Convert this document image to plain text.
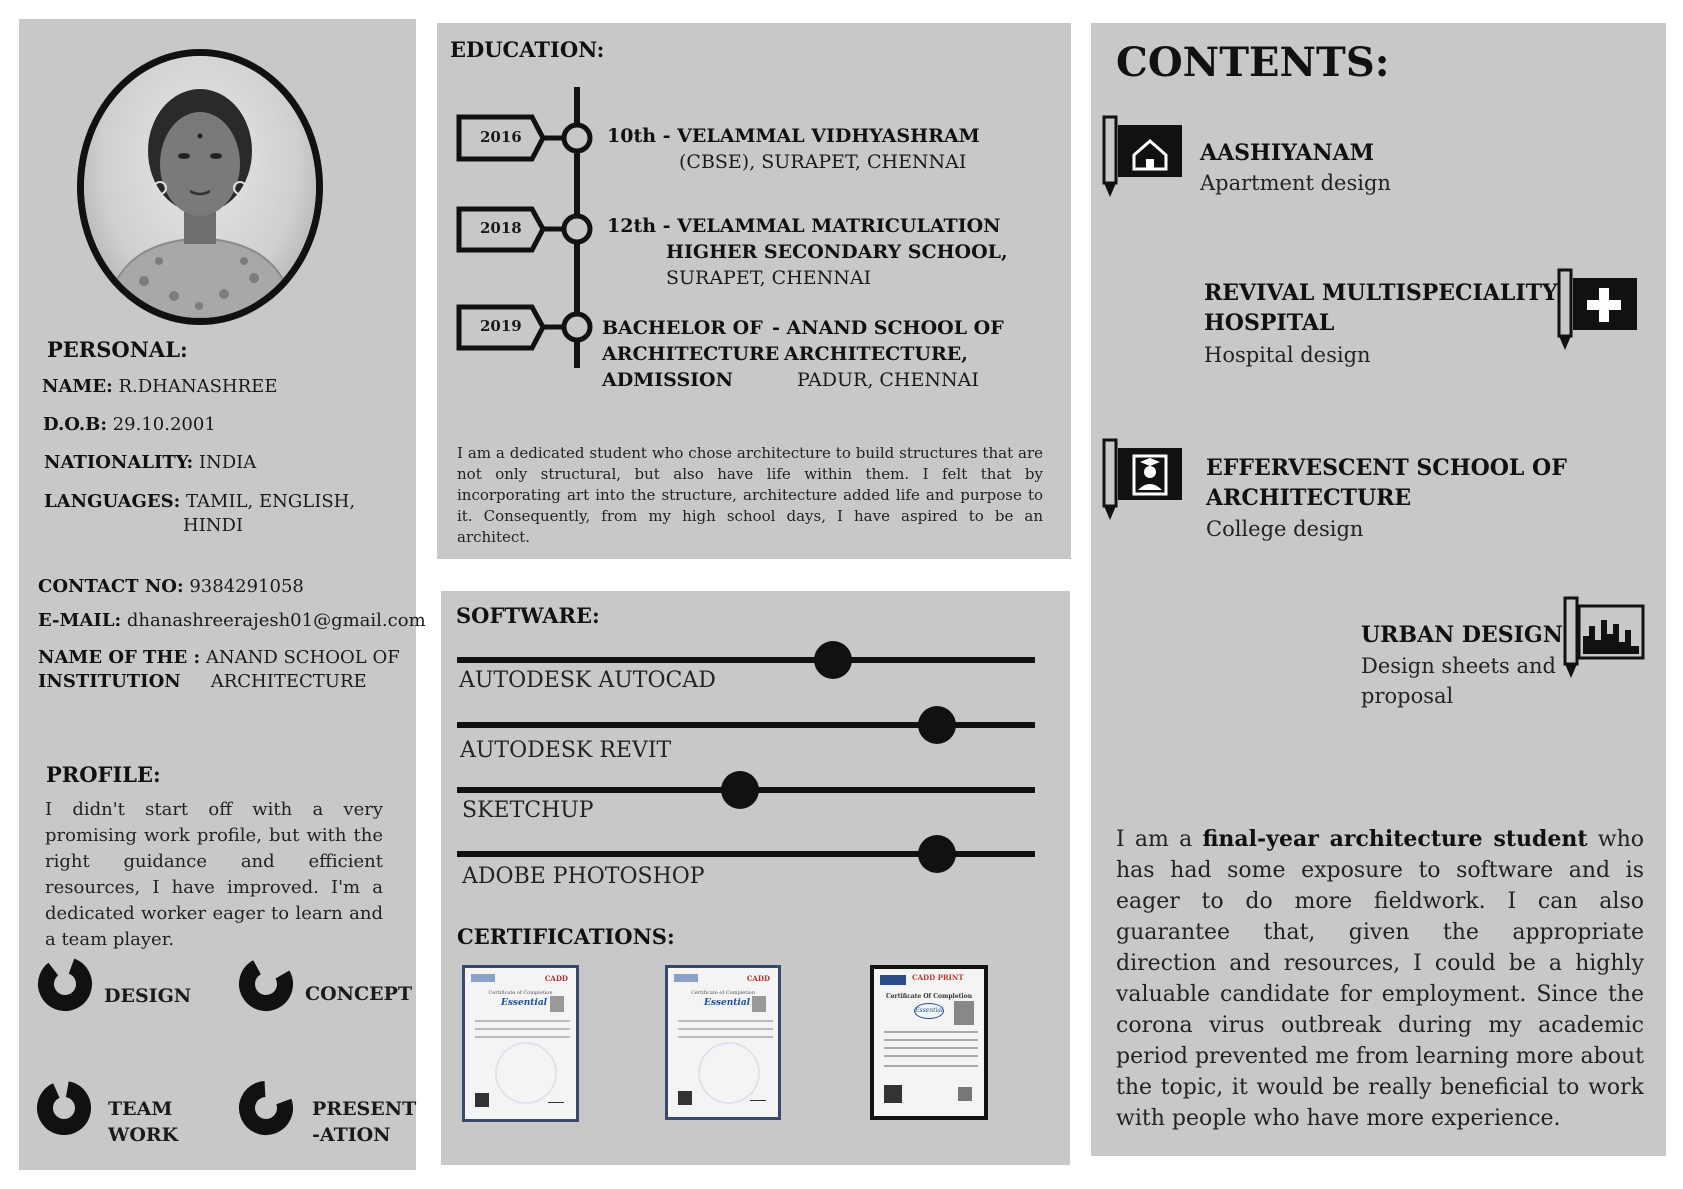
PERSONAL:
NAME: R.DHANASHREE
D.O.B: 29.10.2001
NATIONALITY: INDIA
LANGUAGES: TAMIL, ENGLISH,
HINDI
CONTACT NO: 9384291058
E-MAIL: dhanashreerajesh01@gmail.com
NAME OF THE : ANAND SCHOOL OF
INSTITUTION ARCHITECTURE
PROFILE:
I didn't start off with a very promising work profile, but with the right guidance and efficient resources, I have improved. I'm a dedicated worker eager to learn and a team player.
DESIGN	CONCEPT
TEAM
WORK
PRESENT
-ATION
EDUCATION:
2016
2018
2019
10th - VELAMMAL VIDHYASHRAM
(CBSE), SURAPET, CHENNAI
12th - VELAMMAL MATRICULATION
HIGHER SECONDARY SCHOOL,
SURAPET, CHENNAI
BACHELOR OF
ARCHITECTURE
ADMISSION
- ANAND SCHOOL OF
ARCHITECTURE,
PADUR, CHENNAI
I am a dedicated student who chose architecture to build structures that are not only structural, but also have life within them. I felt that by incorporating art into the structure, architecture added life and purpose to it. Consequently, from my high school days, I have aspired to be an architect.
SOFTWARE:
AUTODESK AUTOCAD
AUTODESK REVIT
SKETCHUP
ADOBE PHOTOSHOP
CERTIFICATIONS:
CADD
Certificate of Completion
Essential
CADD
Certificate of Completion
Essential
CADD PRINT
Certificate Of Completion
Essential
CONTENTS:
AASHIYANAM
Apartment design
REVIVAL MULTISPECIALITY
HOSPITAL
Hospital design
EFFERVESCENT SCHOOL OF
ARCHITECTURE
College design
URBAN DESIGN
Design sheets and
proposal
I am a final-year architecture student who has had some exposure to software and is eager to do more fieldwork. I can also guarantee that, given the appropriate direction and resources, I could be a highly valuable candidate for employment. Since the corona virus outbreak during my academic period prevented me from learning more about the topic, it would be really beneficial to work with people who have more experience.
